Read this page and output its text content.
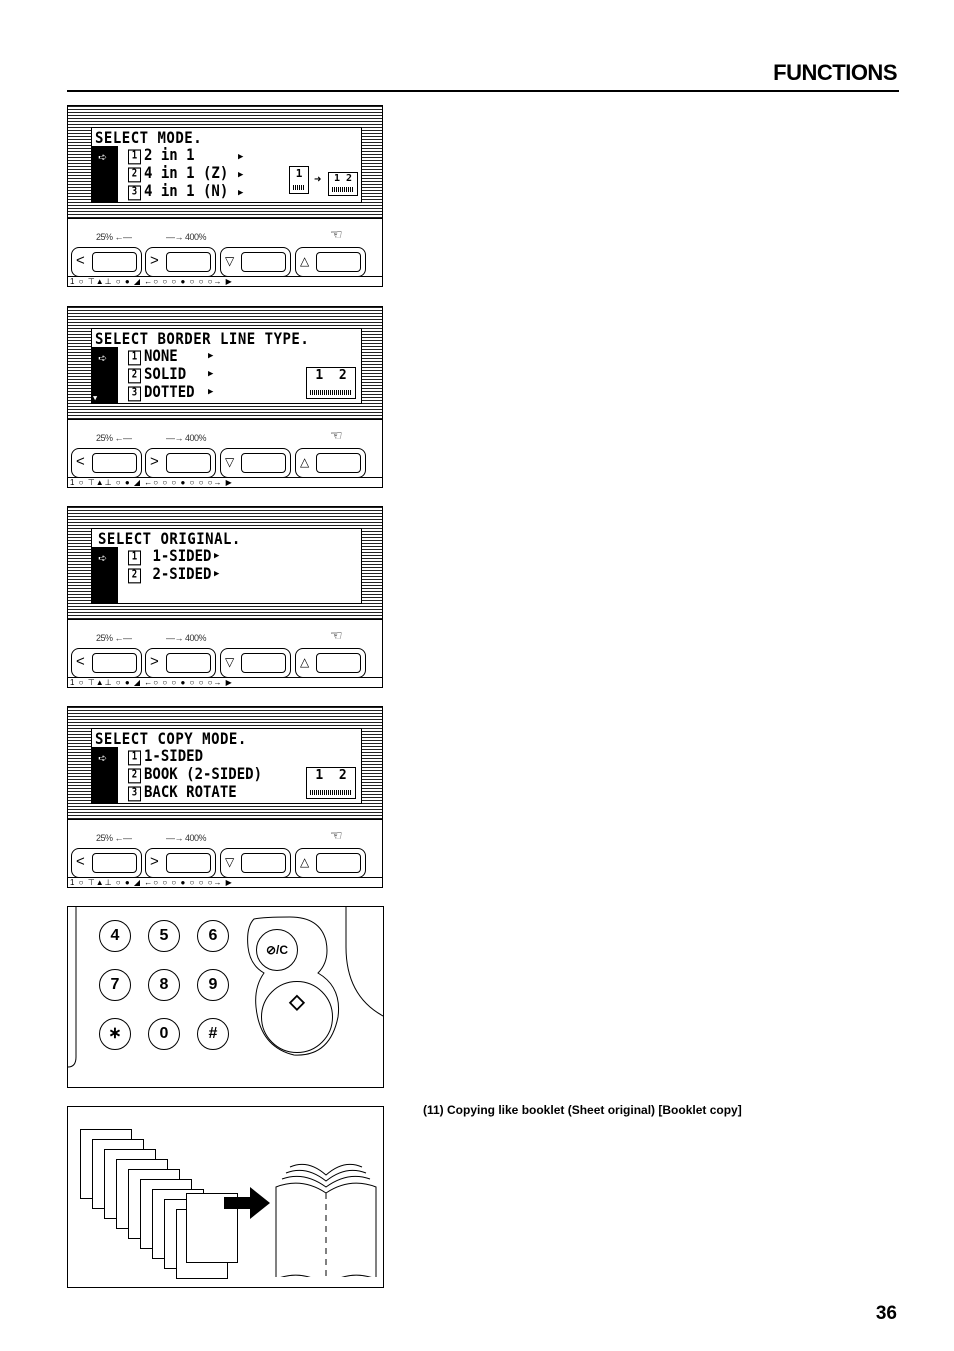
FUNCTIONS
➪
SELECT MODE.
1 2 in 1	▶
2 4 in 1 (Z) ▶
3 4 in 1 (N) ▶
1 ➜	1 2
25% ←—	—→ 400%	☜
<	>	▽	△
1 ○ ⊤▲⊥ ○ ● ◢ ←○ ○ ○ ● ○ ○ ○→ ▶
➪
▼
SELECT BORDER LINE TYPE.
1 NONE	▶
2 SOLID ▶
3 DOTTED ▶
1 2
25% ←—	—→ 400%	☜
<	>	▽	△
1 ○ ⊤▲⊥ ○ ● ◢ ←○ ○ ○ ● ○ ○ ○→ ▶
➪
SELECT ORIGINAL.
1 1-SIDED ▶
2 2-SIDED ▶
25% ←—	—→ 400%	☜
<	>	▽	△
1 ○ ⊤▲⊥ ○ ● ◢ ←○ ○ ○ ● ○ ○ ○→ ▶
➪
SELECT COPY MODE.
1 1-SIDED
2 BOOK (2-SIDED)
3 BACK ROTATE
1 2
25% ←—	—→ 400%	☜
<	>	▽	△
1 ○ ⊤▲⊥ ○ ● ◢ ←○ ○ ○ ● ○ ○ ○→ ▶
4	5	6
7	8	9
∗	0	#
⊘/C
◇
(11) Copying like booklet (Sheet original) [Booklet copy]
36
